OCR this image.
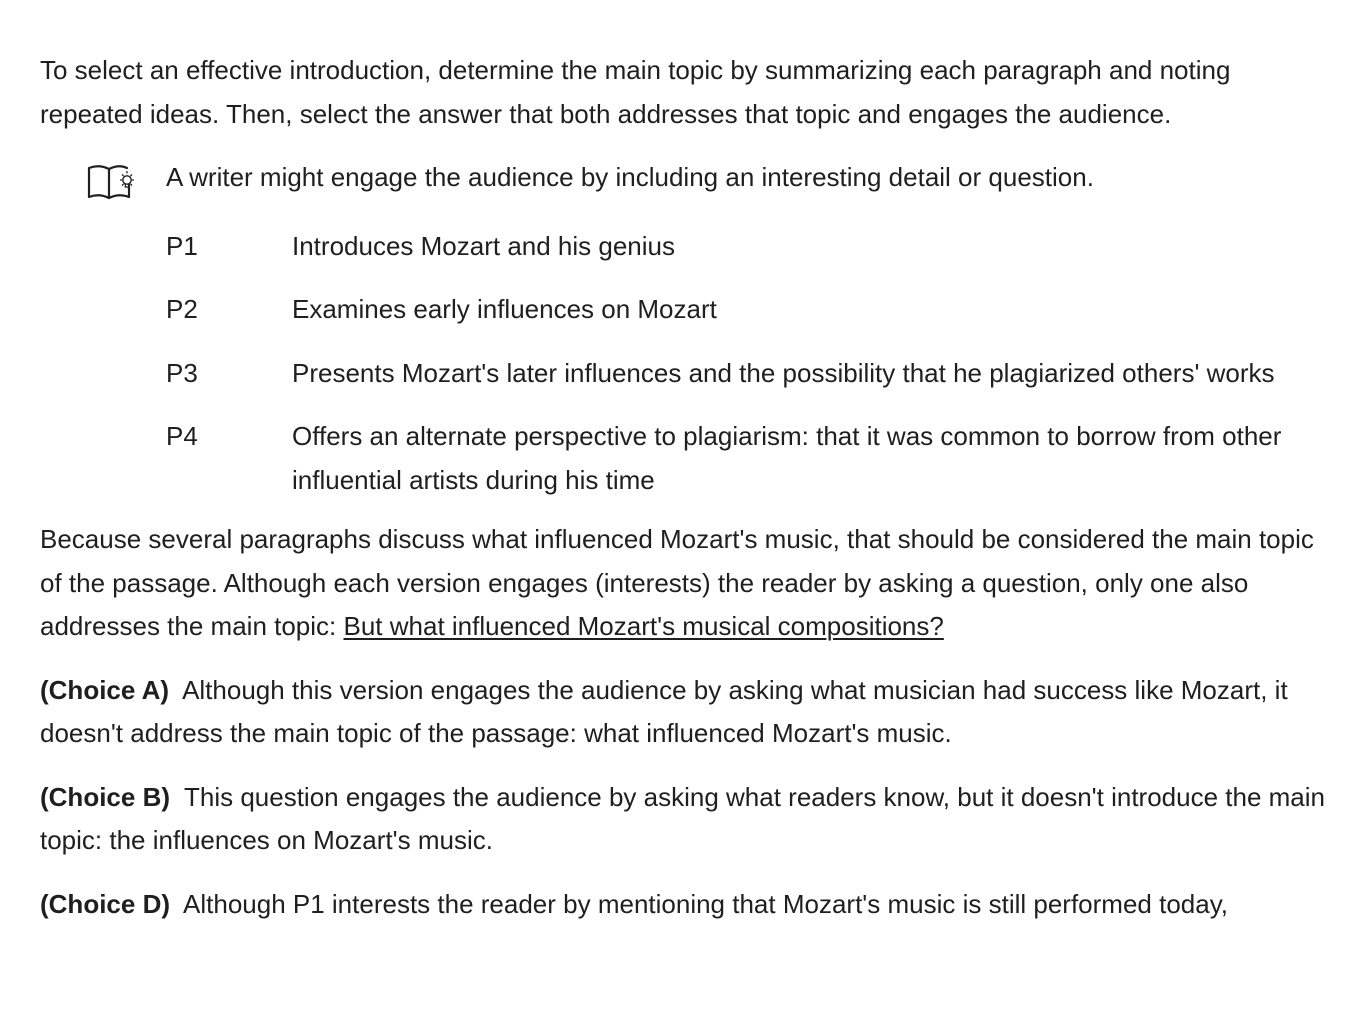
To select an effective introduction, determine the main topic by summarizing each paragraph and noting repeated ideas. Then, select the answer that both addresses that topic and engages the audience.

A writer might engage the audience by including an interesting detail or question.

P1	Introduces Mozart and his genius
P2	Examines early influences on Mozart
P3	Presents Mozart's later influences and the possibility that he plagiarized others' works
P4	Offers an alternate perspective to plagiarism: that it was common to borrow from other influential artists during his time

Because several paragraphs discuss what influenced Mozart's music, that should be considered the main topic of the passage. Although each version engages (interests) the reader by asking a question, only one also addresses the main topic: But what influenced Mozart's musical compositions?

(Choice A) Although this version engages the audience by asking what musician had success like Mozart, it doesn't address the main topic of the passage: what influenced Mozart's music.

(Choice B) This question engages the audience by asking what readers know, but it doesn't introduce the main topic: the influences on Mozart's music.

(Choice D) Although P1 interests the reader by mentioning that Mozart's music is still performed today,
